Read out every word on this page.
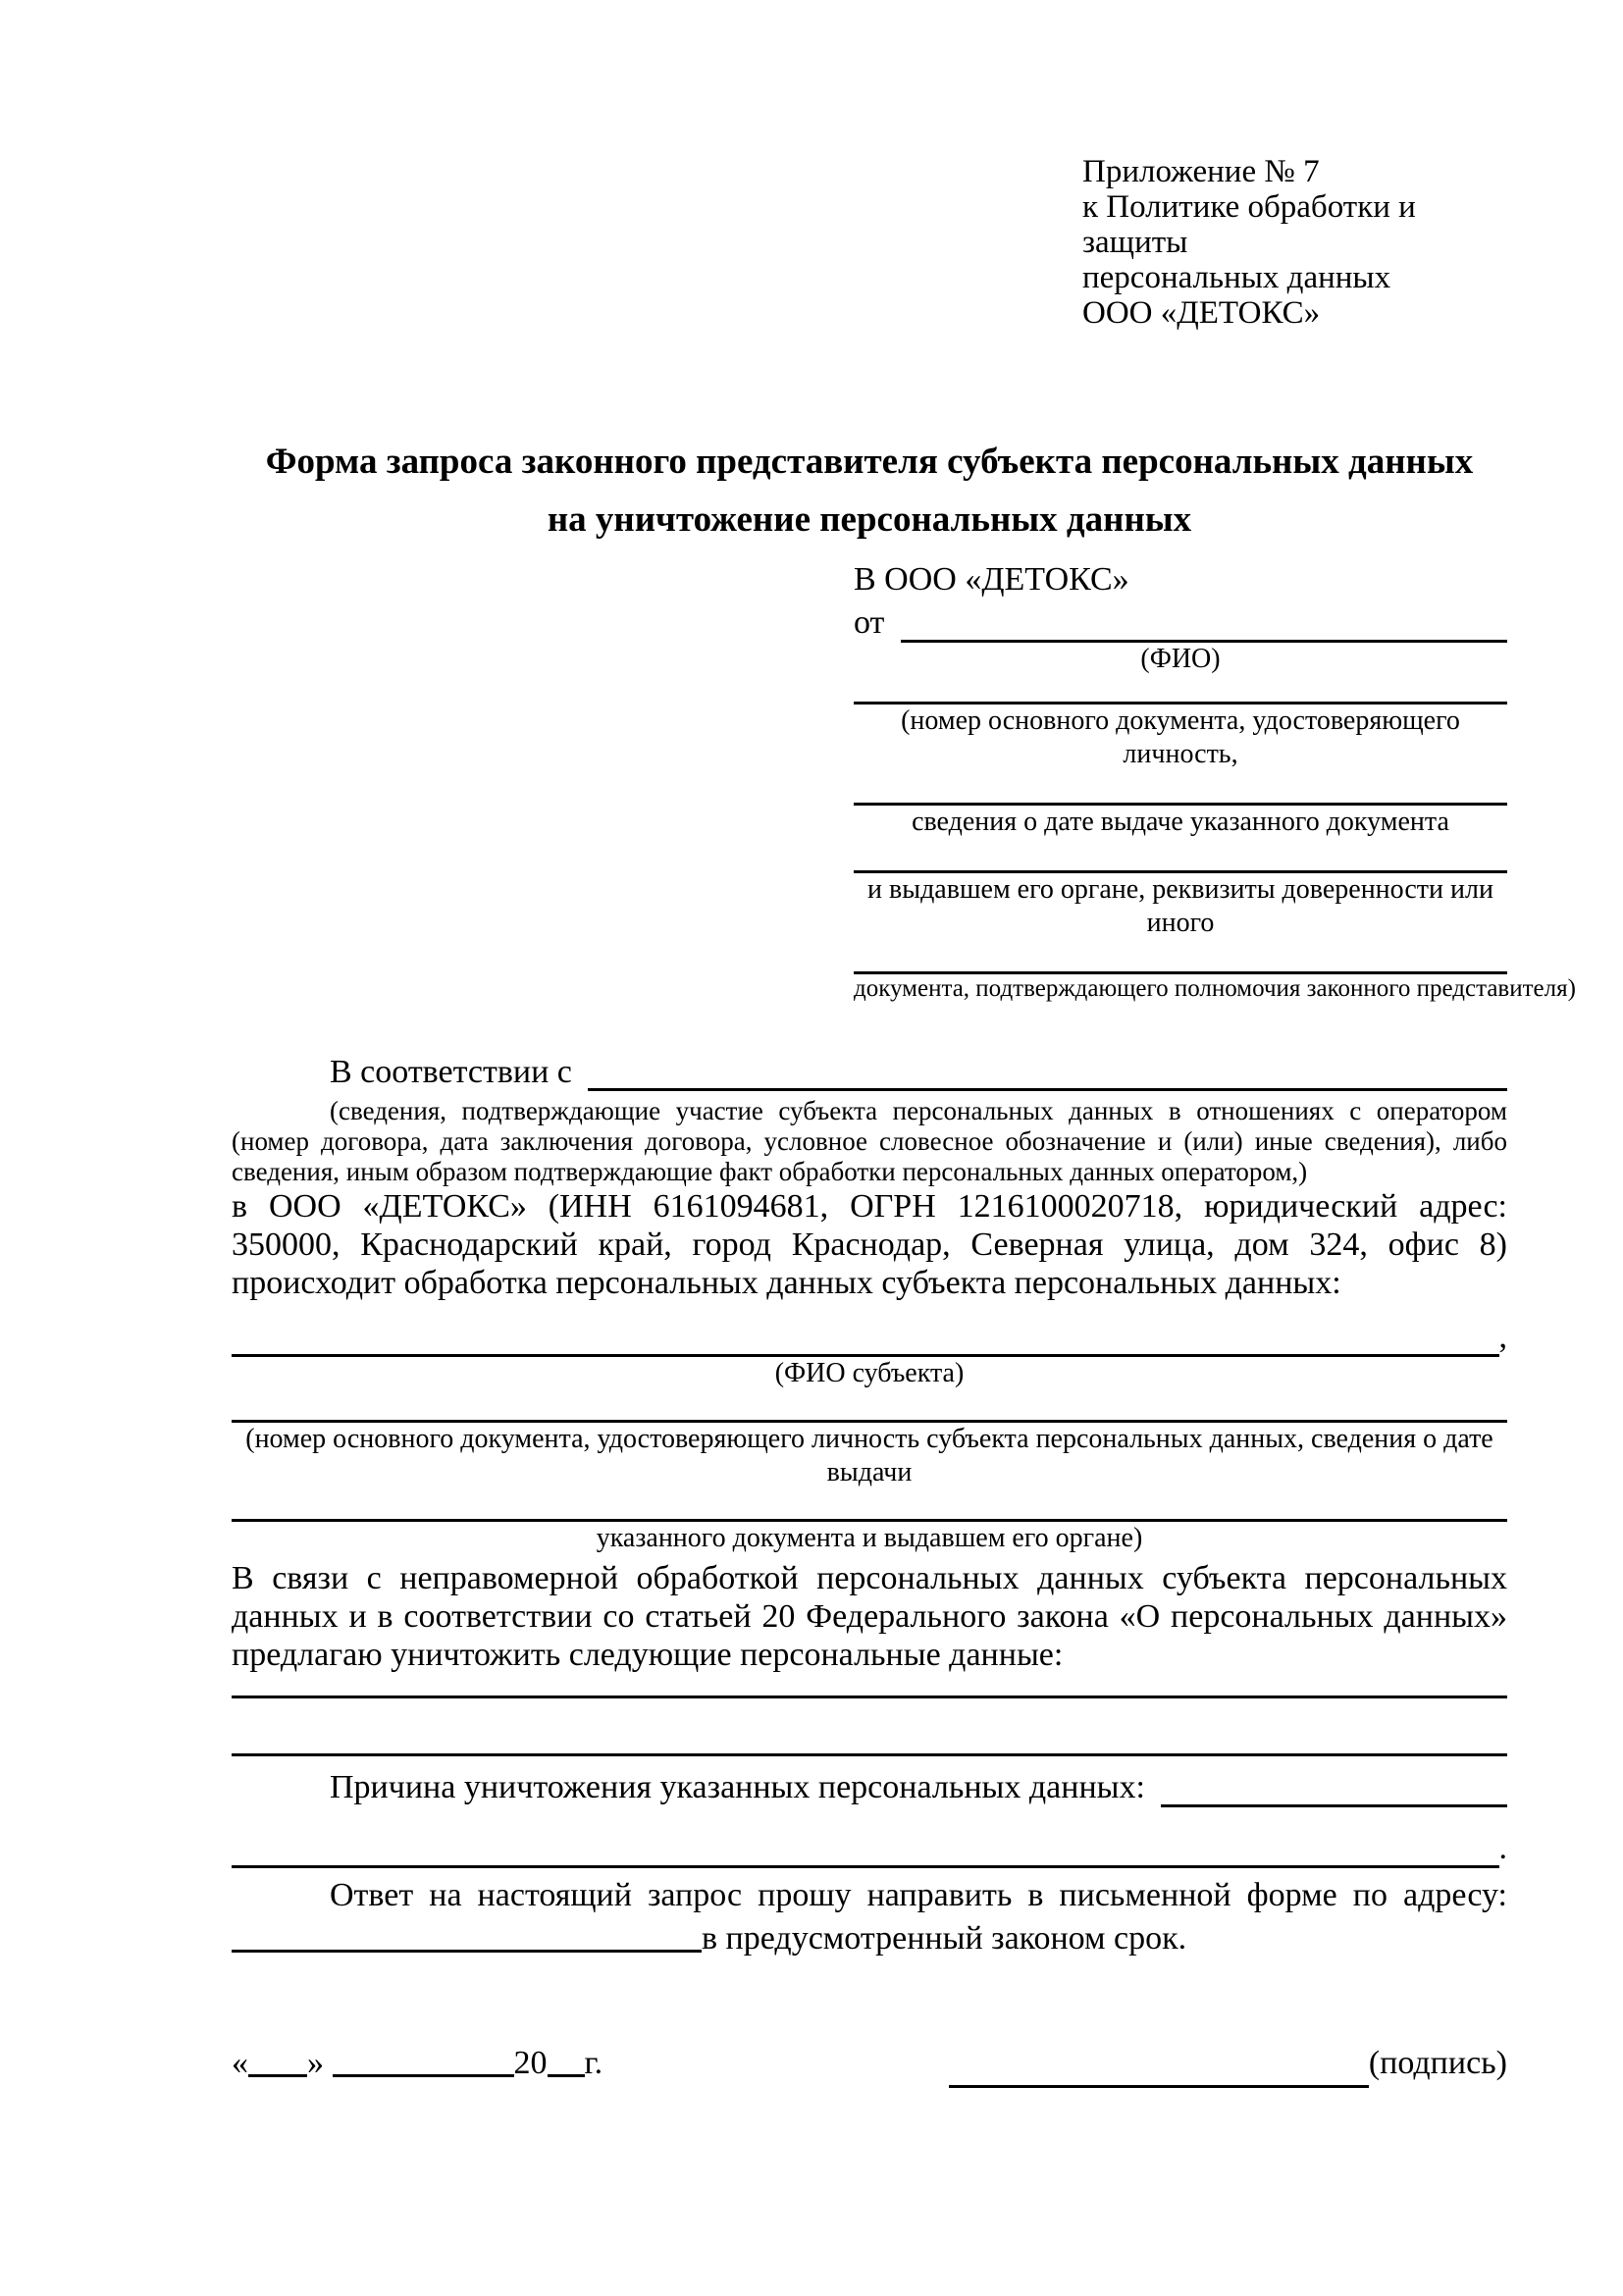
Приложение № 7
к Политике обработки и защиты
персональных данных
ООО «ДЕТОКС»
Форма запроса законного представителя субъекта персональных данных
на уничтожение персональных данных
В ООО «ДЕТОКС»
от
(ФИО)
(номер основного документа, удостоверяющего личность,
сведения о дате выдаче указанного документа
и выдавшем его органе, реквизиты доверенности или иного
документа, подтверждающего полномочия законного представителя)
В соответствии с
(сведения, подтверждающие участие субъекта персональных данных в отношениях с оператором (номер договора, дата заключения договора, условное словесное обозначение и (или) иные сведения), либо сведения, иным образом подтверждающие факт обработки персональных данных оператором,)

в ООО «ДЕТОКС» (ИНН 6161094681, ОГРН 1216100020718, юридический адрес: 350000, Краснодарский край, город Краснодар, Северная улица, дом 324, офис 8) происходит обработка персональных данных субъекта персональных данных:

,
(ФИО субъекта)
(номер основного документа, удостоверяющего личность субъекта персональных данных, сведения о дате выдачи
указанного документа и выдавшем его органе)

В связи с неправомерной обработкой персональных данных субъекта персональных данных и в соответствии со статьей 20 Федерального закона «О персональных данных» предлагаю уничтожить следующие персональные данные:

Причина уничтожения указанных персональных данных:
.
Ответ на настоящий запрос прошу направить в письменной форме по адресу:
в предусмотренный законом срок.
« »	20 г.	(подпись)
